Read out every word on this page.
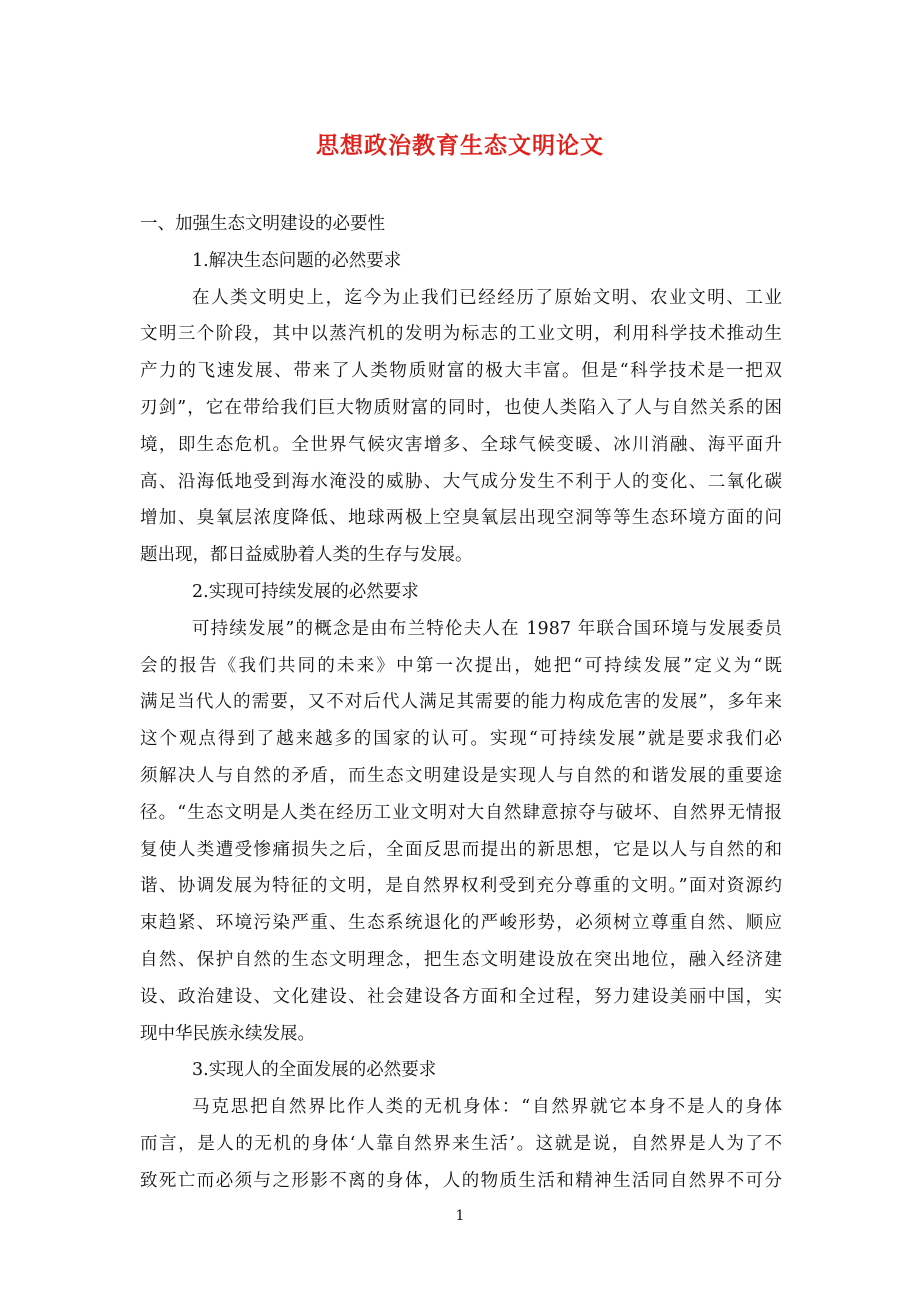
思想政治教育生态文明论文
一、加强生态文明建设的必要性
1.解决生态问题的必然要求
在人类文明史上，迄今为止我们已经经历了原始文明、农业文明、工业
文明三个阶段，其中以蒸汽机的发明为标志的工业文明，利用科学技术推动生
产力的飞速发展、带来了人类物质财富的极大丰富。但是“科学技术是一把双
刃剑”，它在带给我们巨大物质财富的同时，也使人类陷入了人与自然关系的困
境，即生态危机。全世界气候灾害增多、全球气候变暖、冰川消融、海平面升
高、沿海低地受到海水淹没的威胁、大气成分发生不利于人的变化、二氧化碳
增加、臭氧层浓度降低、地球两极上空臭氧层出现空洞等等生态环境方面的问
题出现，都日益威胁着人类的生存与发展。
2.实现可持续发展的必然要求
可持续发展”的概念是由布兰特伦夫人在 1987 年联合国环境与发展委员
会的报告《我们共同的未来》中第一次提出，她把“可持续发展”定义为“既
满足当代人的需要，又不对后代人满足其需要的能力构成危害的发展”，多年来
这个观点得到了越来越多的国家的认可。实现“可持续发展”就是要求我们必
须解决人与自然的矛盾，而生态文明建设是实现人与自然的和谐发展的重要途
径。“生态文明是人类在经历工业文明对大自然肆意掠夺与破坏、自然界无情报
复使人类遭受惨痛损失之后，全面反思而提出的新思想，它是以人与自然的和
谐、协调发展为特征的文明，是自然界权利受到充分尊重的文明。”面对资源约
束趋紧、环境污染严重、生态系统退化的严峻形势，必须树立尊重自然、顺应
自然、保护自然的生态文明理念，把生态文明建设放在突出地位，融入经济建
设、政治建设、文化建设、社会建设各方面和全过程，努力建设美丽中国，实
现中华民族永续发展。
3.实现人的全面发展的必然要求
马克思把自然界比作人类的无机身体：“自然界就它本身不是人的身体
而言，是人的无机的身体‘人靠自然界来生活’。这就是说，自然界是人为了不
致死亡而必须与之形影不离的身体，人的物质生活和精神生活同自然界不可分
1
